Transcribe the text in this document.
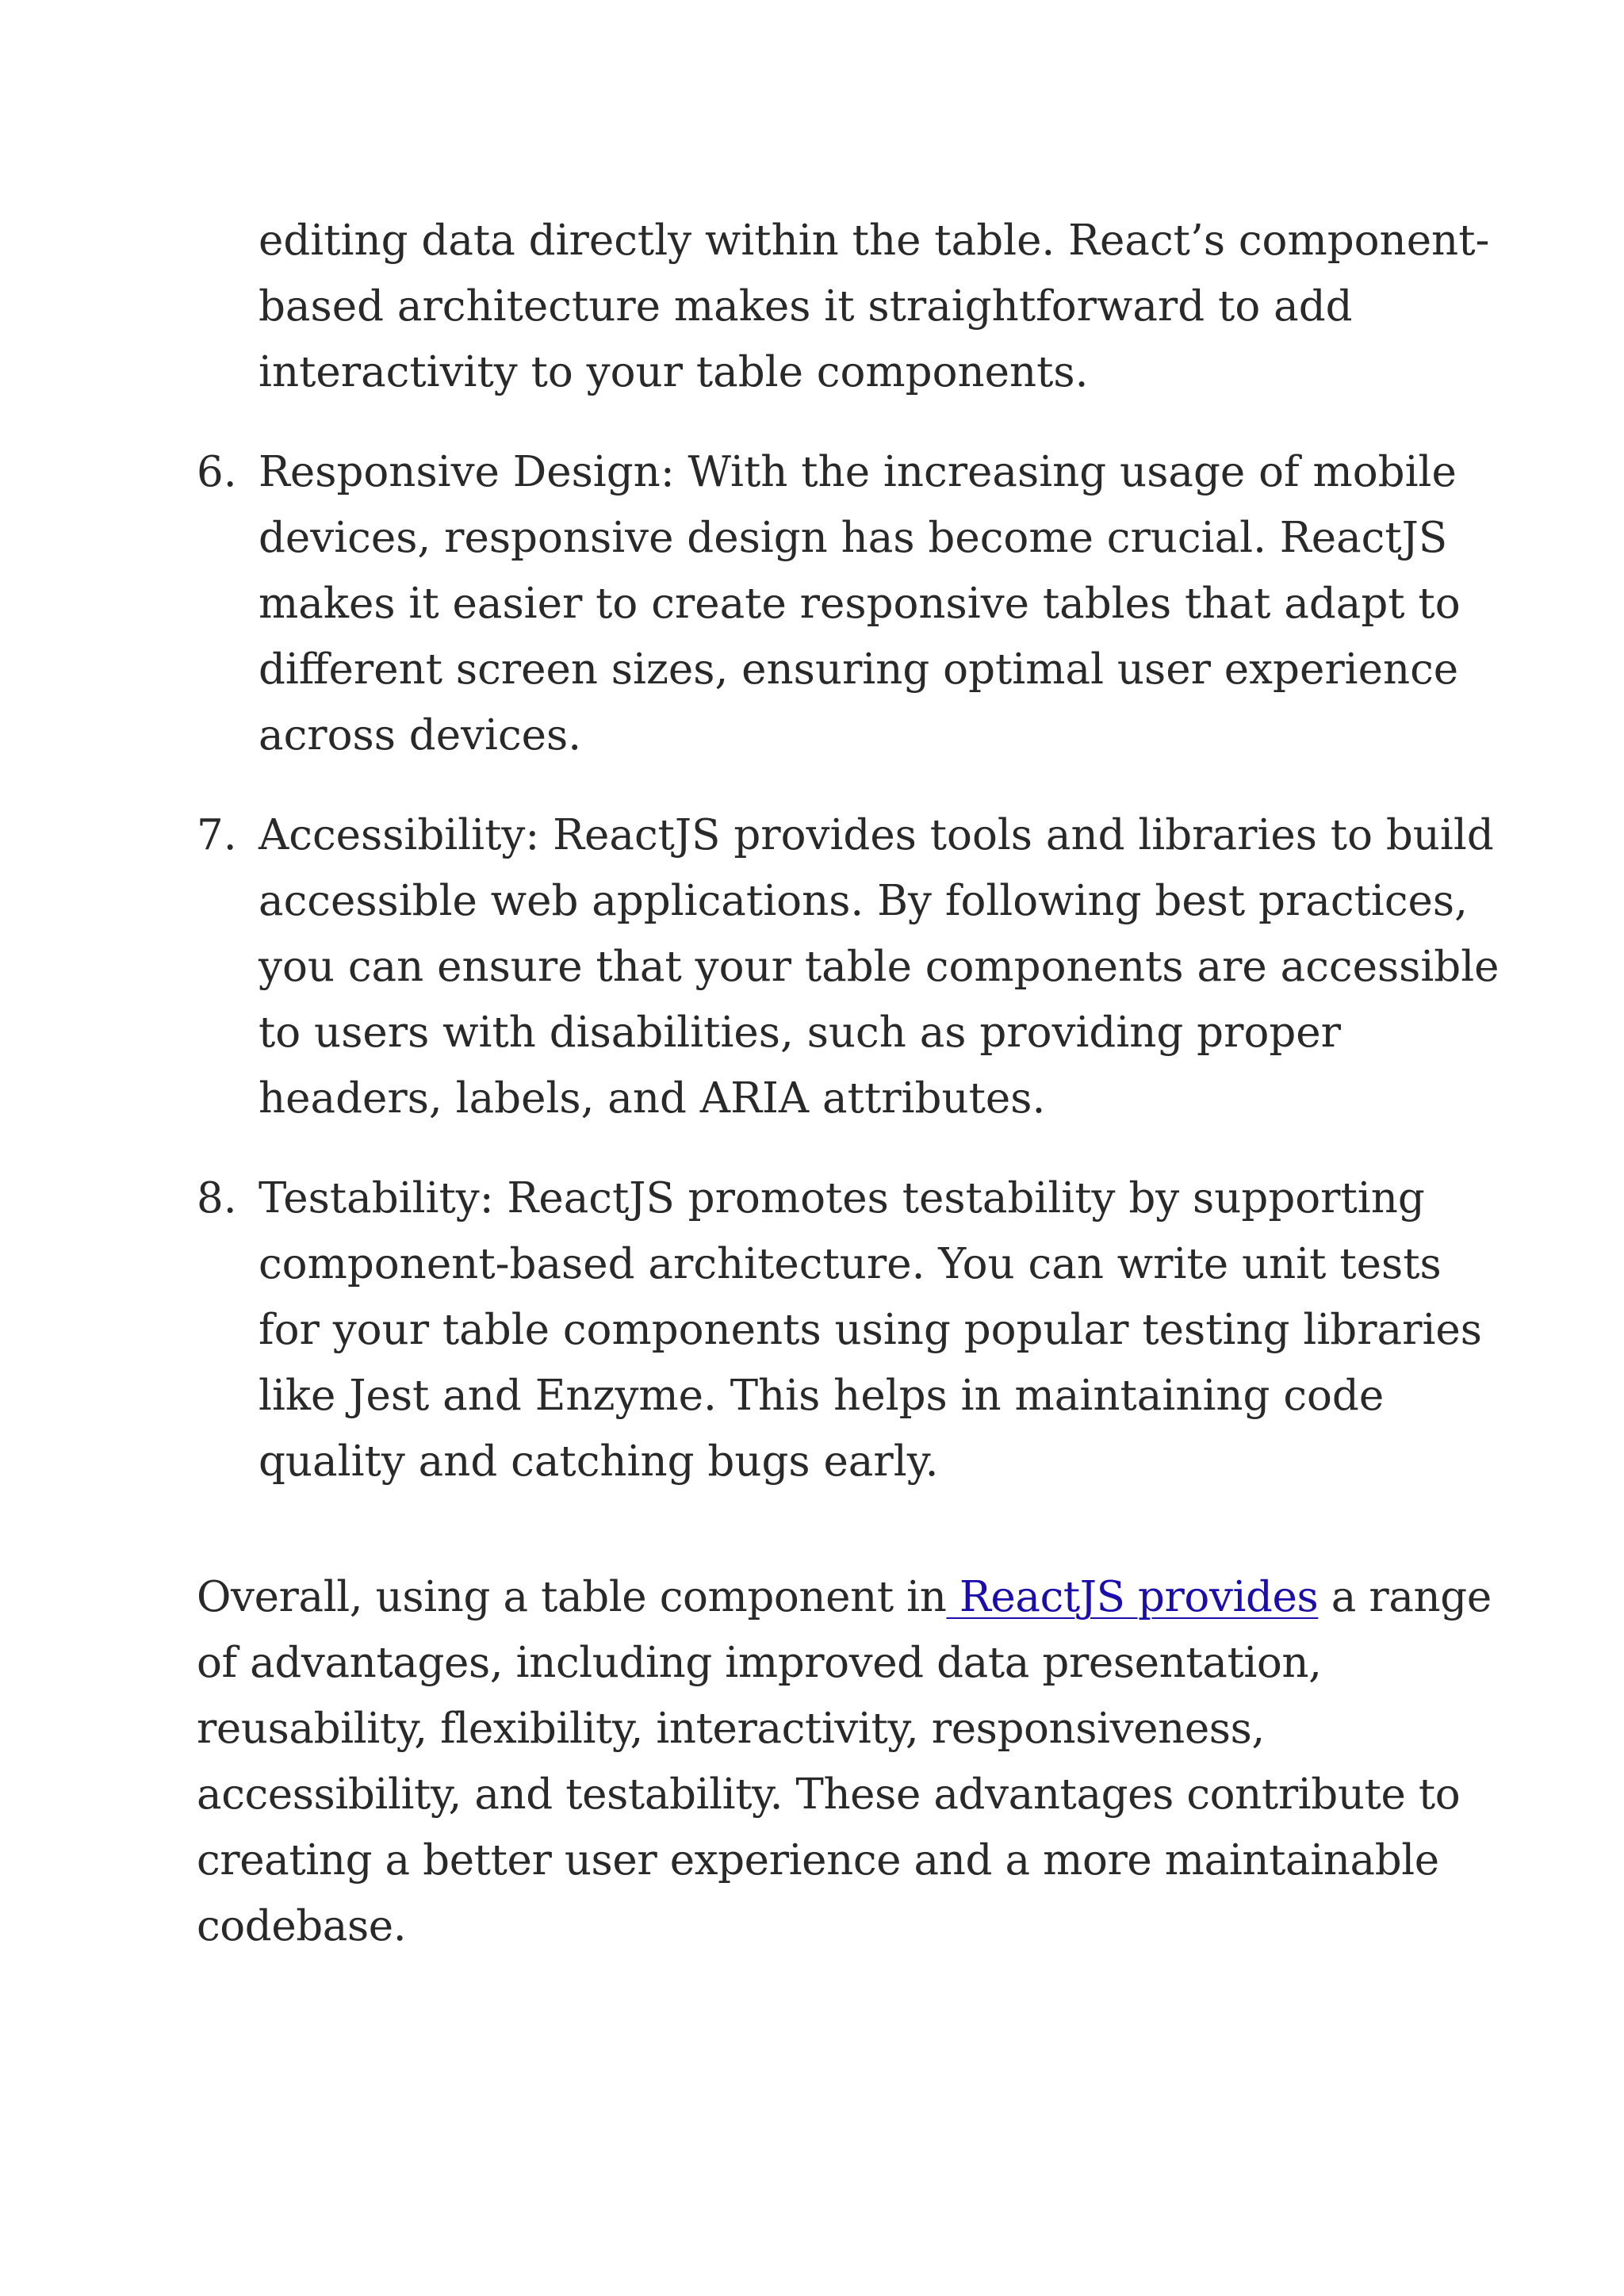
editing data directly within the table. React’s component-based architecture makes it straightforward to add interactivity to your table components.
6. Responsive Design: With the increasing usage of mobile devices, responsive design has become crucial. ReactJS makes it easier to create responsive tables that adapt to different screen sizes, ensuring optimal user experience across devices.
7. Accessibility: ReactJS provides tools and libraries to build accessible web applications. By following best practices, you can ensure that your table components are accessible to users with disabilities, such as providing proper headers, labels, and ARIA attributes.
8. Testability: ReactJS promotes testability by supporting component-based architecture. You can write unit tests for your table components using popular testing libraries like Jest and Enzyme. This helps in maintaining code quality and catching bugs early.

Overall, using a table component in ReactJS provides a range of advantages, including improved data presentation, reusability, flexibility, interactivity, responsiveness, accessibility, and testability. These advantages contribute to creating a better user experience and a more maintainable codebase.
